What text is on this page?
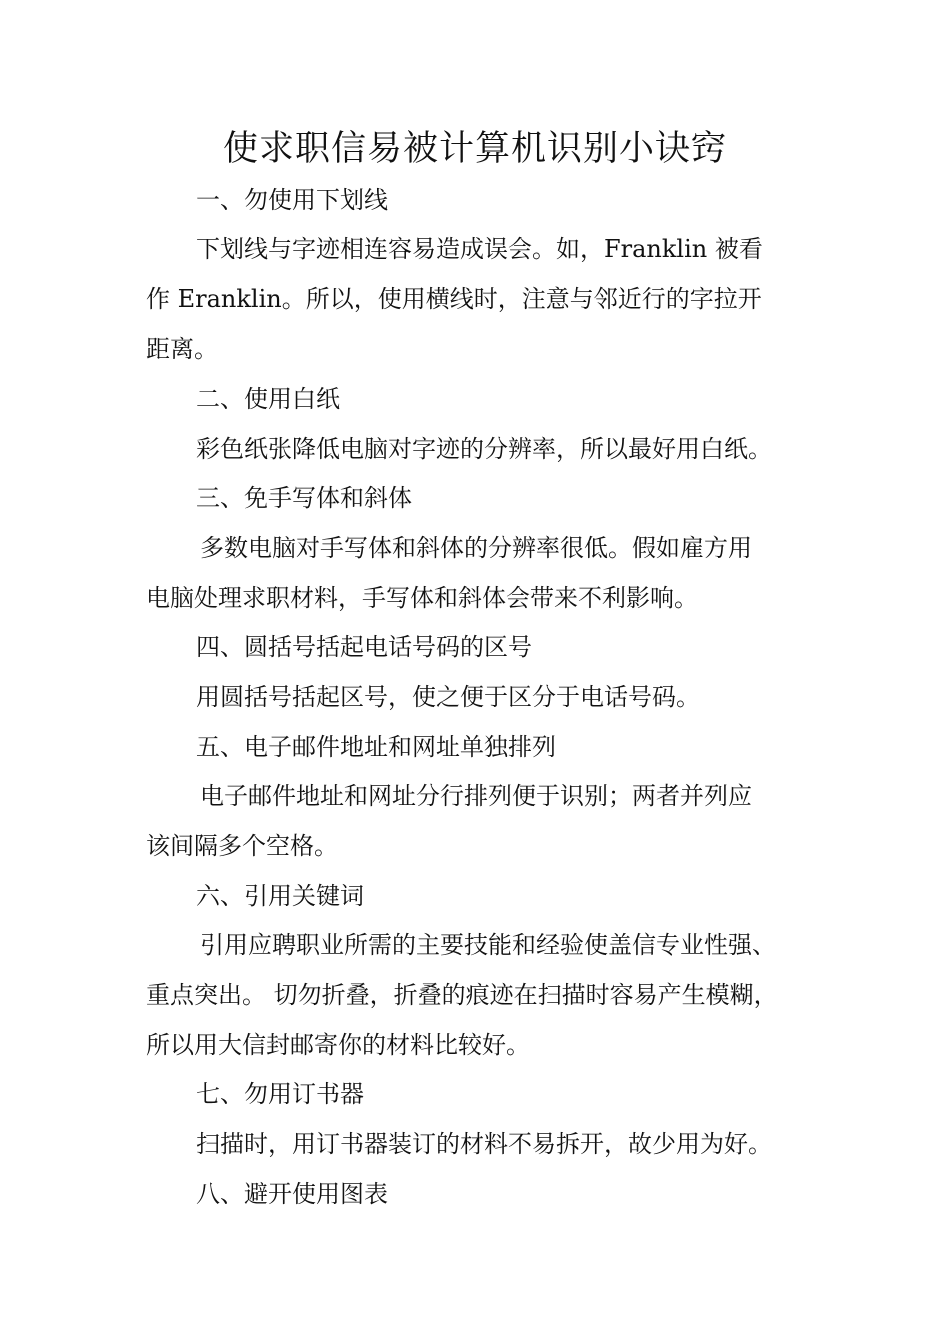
使求职信易被计算机识别小诀窍

一、勿使用下划线

下划线与字迹相连容易造成误会。如，Franklin 被看

作 Eranklin。所以，使用横线时，注意与邻近行的字拉开

距离。

二、使用白纸

彩色纸张降低电脑对字迹的分辨率，所以最好用白纸。

三、免手写体和斜体

多数电脑对手写体和斜体的分辨率很低。假如雇方用

电脑处理求职材料，手写体和斜体会带来不利影响。

四、圆括号括起电话号码的区号

用圆括号括起区号，使之便于区分于电话号码。

五、电子邮件地址和网址单独排列

电子邮件地址和网址分行排列便于识别；两者并列应

该间隔多个空格。

六、引用关键词

引用应聘职业所需的主要技能和经验使盖信专业性强、

重点突出。 切勿折叠，折叠的痕迹在扫描时容易产生模糊，

所以用大信封邮寄你的材料比较好。

七、勿用订书器

扫描时，用订书器装订的材料不易拆开，故少用为好。

八、避开使用图表
